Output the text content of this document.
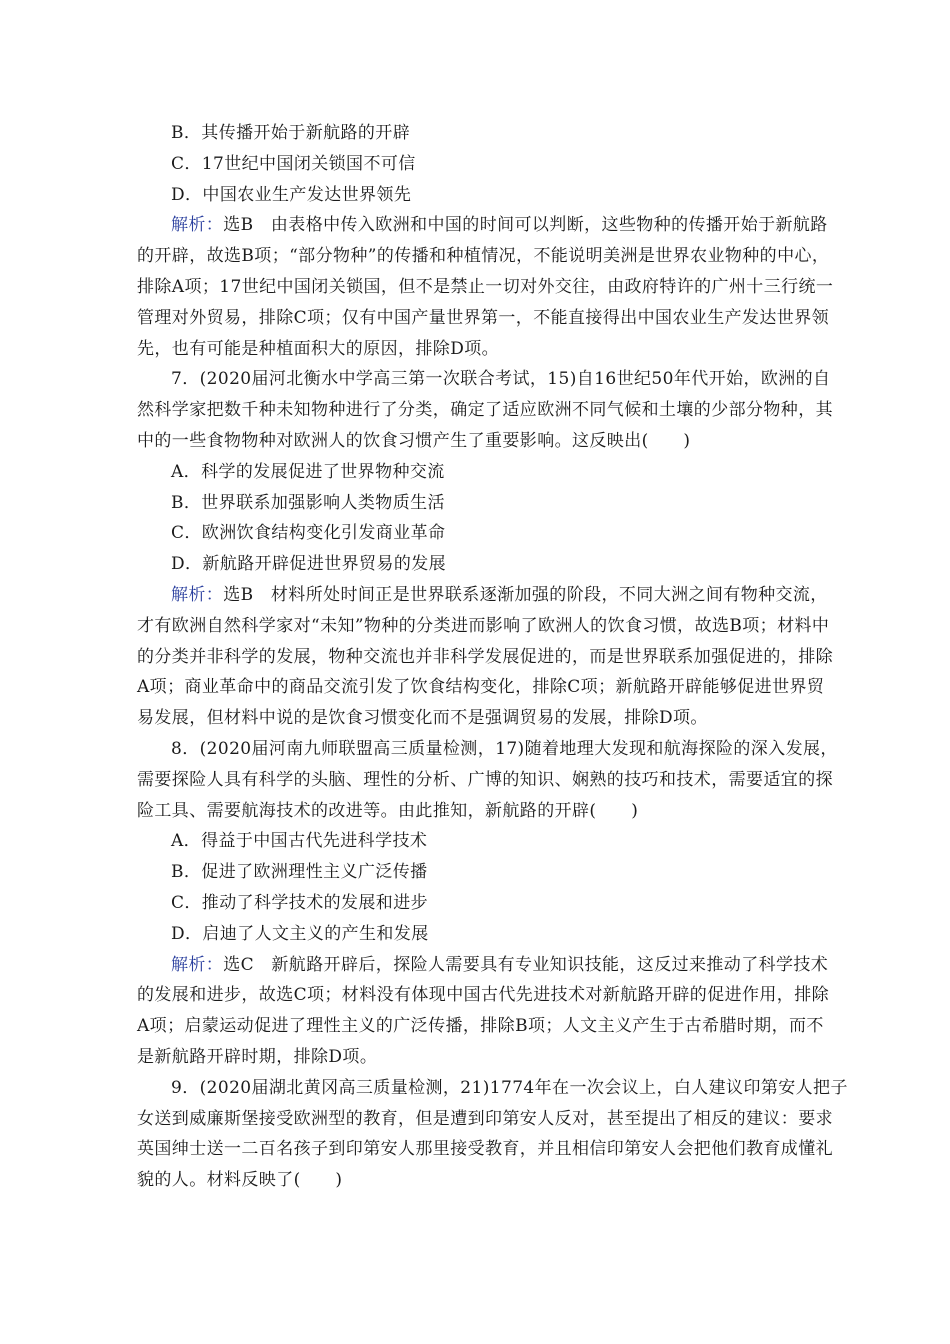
B．其传播开始于新航路的开辟
C．17世纪中国闭关锁国不可信
D．中国农业生产发达世界领先
解析：选B　由表格中传入欧洲和中国的时间可以判断，这些物种的传播开始于新航路
的开辟，故选B项；“部分物种”的传播和种植情况，不能说明美洲是世界农业物种的中心，
排除A项；17世纪中国闭关锁国，但不是禁止一切对外交往，由政府特许的广州十三行统一
管理对外贸易，排除C项；仅有中国产量世界第一，不能直接得出中国农业生产发达世界领
先，也有可能是种植面积大的原因，排除D项。
7．(2020届河北衡水中学高三第一次联合考试，15)自16世纪50年代开始，欧洲的自
然科学家把数千种未知物种进行了分类，确定了适应欧洲不同气候和土壤的少部分物种，其
中的一些食物物种对欧洲人的饮食习惯产生了重要影响。这反映出(　　)
A．科学的发展促进了世界物种交流
B．世界联系加强影响人类物质生活
C．欧洲饮食结构变化引发商业革命
D．新航路开辟促进世界贸易的发展
解析：选B　材料所处时间正是世界联系逐渐加强的阶段，不同大洲之间有物种交流，
才有欧洲自然科学家对“未知”物种的分类进而影响了欧洲人的饮食习惯，故选B项；材料中
的分类并非科学的发展，物种交流也并非科学发展促进的，而是世界联系加强促进的，排除
A项；商业革命中的商品交流引发了饮食结构变化，排除C项；新航路开辟能够促进世界贸
易发展，但材料中说的是饮食习惯变化而不是强调贸易的发展，排除D项。
8．(2020届河南九师联盟高三质量检测，17)随着地理大发现和航海探险的深入发展，
需要探险人具有科学的头脑、理性的分析、广博的知识、娴熟的技巧和技术，需要适宜的探
险工具、需要航海技术的改进等。由此推知，新航路的开辟(　　)
A．得益于中国古代先进科学技术
B．促进了欧洲理性主义广泛传播
C．推动了科学技术的发展和进步
D．启迪了人文主义的产生和发展
解析：选C　新航路开辟后，探险人需要具有专业知识技能，这反过来推动了科学技术
的发展和进步，故选C项；材料没有体现中国古代先进技术对新航路开辟的促进作用，排除
A项；启蒙运动促进了理性主义的广泛传播，排除B项；人文主义产生于古希腊时期，而不
是新航路开辟时期，排除D项。
9．(2020届湖北黄冈高三质量检测，21)1774年在一次会议上，白人建议印第安人把子
女送到威廉斯堡接受欧洲型的教育，但是遭到印第安人反对，甚至提出了相反的建议：要求
英国绅士送一二百名孩子到印第安人那里接受教育，并且相信印第安人会把他们教育成懂礼
貌的人。材料反映了(　　)
